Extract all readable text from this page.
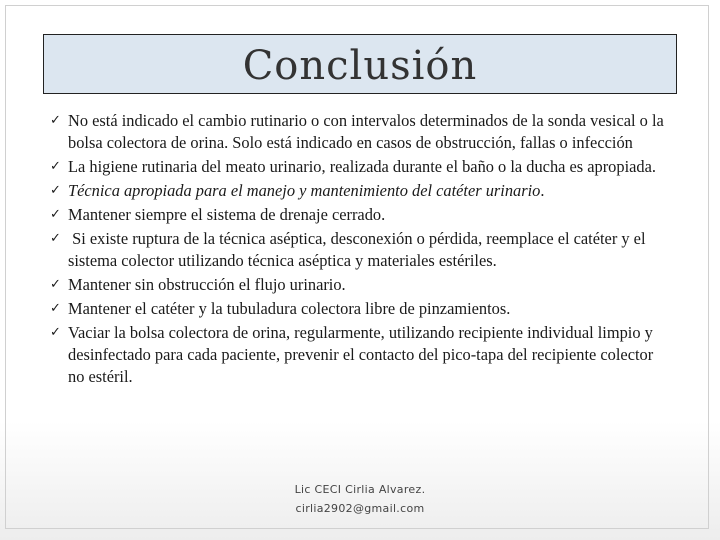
Conclusión
✓ No está indicado el cambio rutinario o con intervalos determinados de la sonda vesical o la bolsa colectora de orina. Solo está indicado en casos de obstrucción, fallas o infección
✓ La higiene rutinaria del meato urinario, realizada durante el baño o la ducha es apropiada.
✓ Técnica apropiada para el manejo y mantenimiento del catéter urinario.
✓ Mantener siempre el sistema de drenaje cerrado.
✓ Si existe ruptura de la técnica aséptica, desconexión o pérdida, reemplace el catéter y el sistema colector utilizando técnica aséptica y materiales estériles.
✓ Mantener sin obstrucción el flujo urinario.
✓ Mantener el catéter y la tubuladura colectora libre de pinzamientos.
✓ Vaciar la bolsa colectora de orina, regularmente, utilizando recipiente individual limpio y desinfectado para cada paciente, prevenir el contacto del pico-tapa del recipiente colector no estéril.
Lic CECI Cirlia Alvarez.
cirlia2902@gmail.com
